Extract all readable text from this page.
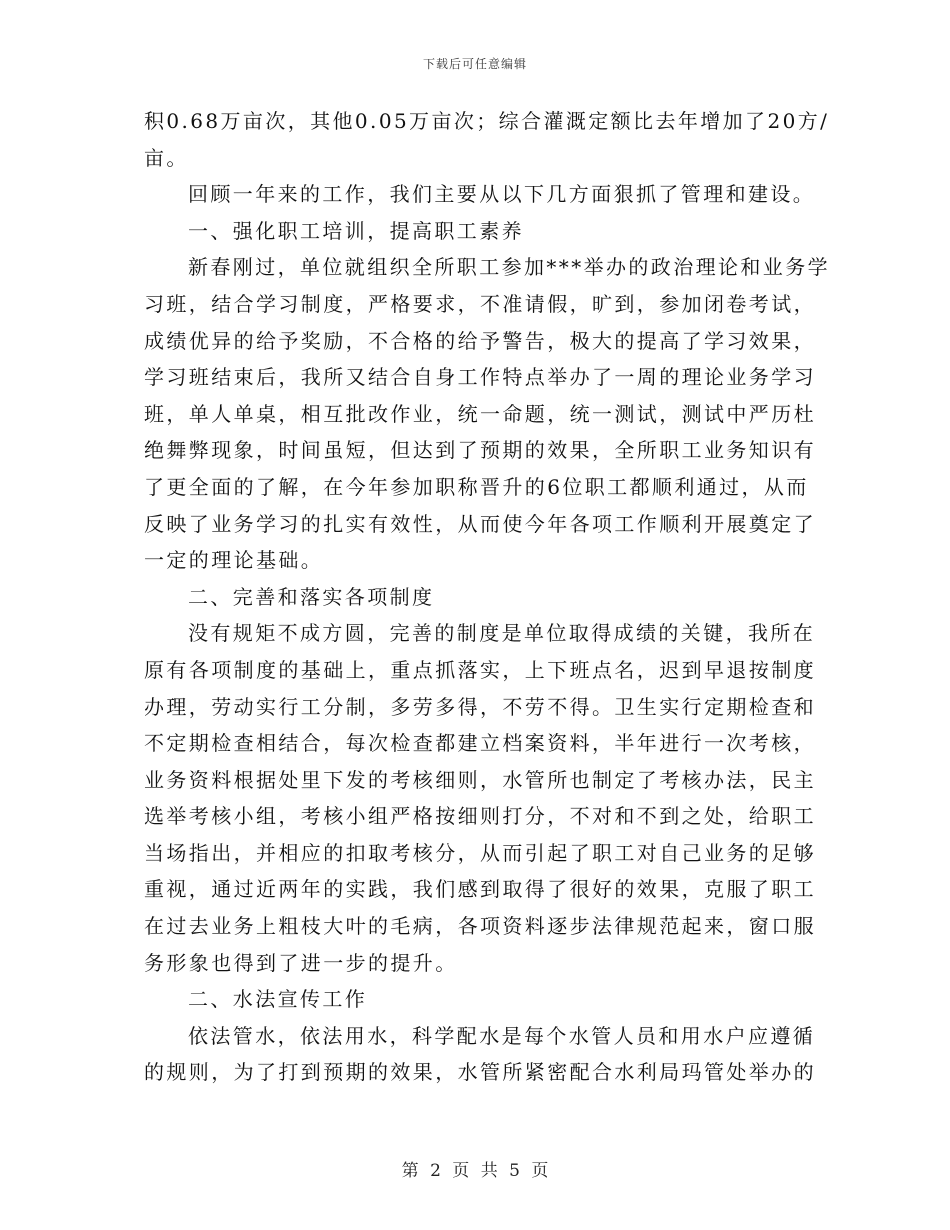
下载后可任意编辑
积0.68万亩次，其他0.05万亩次；综合灌溉定额比去年增加了20方/
亩。
回顾一年来的工作，我们主要从以下几方面狠抓了管理和建设。
一、强化职工培训，提高职工素养
新春刚过，单位就组织全所职工参加***举办的政治理论和业务学
习班，结合学习制度，严格要求，不准请假，旷到，参加闭卷考试，
成绩优异的给予奖励，不合格的给予警告，极大的提高了学习效果，
学习班结束后，我所又结合自身工作特点举办了一周的理论业务学习
班，单人单桌，相互批改作业，统一命题，统一测试，测试中严历杜
绝舞弊现象，时间虽短，但达到了预期的效果，全所职工业务知识有
了更全面的了解，在今年参加职称晋升的6位职工都顺利通过，从而
反映了业务学习的扎实有效性，从而使今年各项工作顺利开展奠定了
一定的理论基础。
二、完善和落实各项制度
没有规矩不成方圆，完善的制度是单位取得成绩的关键，我所在
原有各项制度的基础上，重点抓落实，上下班点名，迟到早退按制度
办理，劳动实行工分制，多劳多得，不劳不得。卫生实行定期检查和
不定期检查相结合，每次检查都建立档案资料，半年进行一次考核，
业务资料根据处里下发的考核细则，水管所也制定了考核办法，民主
选举考核小组，考核小组严格按细则打分，不对和不到之处，给职工
当场指出，并相应的扣取考核分，从而引起了职工对自己业务的足够
重视，通过近两年的实践，我们感到取得了很好的效果，克服了职工
在过去业务上粗枝大叶的毛病，各项资料逐步法律规范起来，窗口服
务形象也得到了进一步的提升。
二、水法宣传工作
依法管水，依法用水，科学配水是每个水管人员和用水户应遵循
的规则，为了打到预期的效果，水管所紧密配合水利局玛管处举办的
第 2 页 共 5 页
